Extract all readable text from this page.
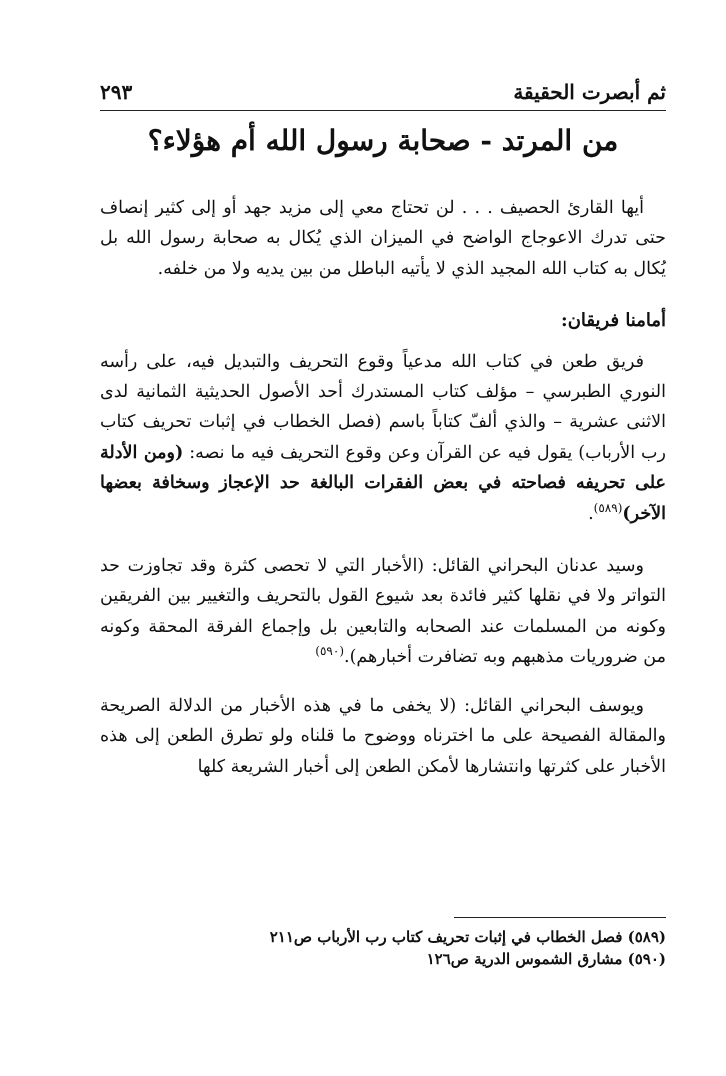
ثم أبصرت الحقيقة
٢٩٣
من المرتد - صحابة رسول الله أم هؤلاء؟

أيها القارئ الحصيف . . . لن تحتاج معي إلى مزيد جهد أو إلى كثير إنصاف حتى تدرك الاعوجاج الواضح في الميزان الذي يُكال به صحابة رسول الله بل يُكال به كتاب الله المجيد الذي لا يأتيه الباطل من بين يديه ولا من خلفه.

أمامنا فريقان:

فريق طعن في كتاب الله مدعياً وقوع التحريف والتبديل فيه، على رأسه النوري الطبرسي – مؤلف كتاب المستدرك أحد الأصول الحديثية الثمانية لدى الاثنى عشرية – والذي ألفّ كتاباً باسم (فصل الخطاب في إثبات تحريف كتاب رب الأرباب) يقول فيه عن القرآن وعن وقوع التحريف فيه ما نصه: (ومن الأدلة على تحريفه فصاحته في بعض الفقرات البالغة حد الإعجاز وسخافة بعضها الآخر)$^{(٥٨٩)}$.

وسيد عدنان البحراني القائل: (الأخبار التي لا تحصى كثرة وقد تجاوزت حد التواتر ولا في نقلها كثير فائدة بعد شيوع القول بالتحريف والتغيير بين الفريقين وكونه من المسلمات عند الصحابه والتابعين بل وإجماع الفرقة المحقة وكونه من ضروريات مذهبهم وبه تضافرت أخبارهم).$^{(٥٩٠)}$

ويوسف البحراني القائل: (لا يخفى ما في هذه الأخبار من الدلالة الصريحة والمقالة الفصيحة على ما اخترناه ووضوح ما قلناه ولو تطرق الطعن إلى هذه الأخبار على كثرتها وانتشارها لأمكن الطعن إلى أخبار الشريعة كلها

(٥٨٩) فصل الخطاب في إثبات تحريف كتاب رب الأرباب ص٢١١

(٥٩٠) مشارق الشموس الدرية ص١٢٦
